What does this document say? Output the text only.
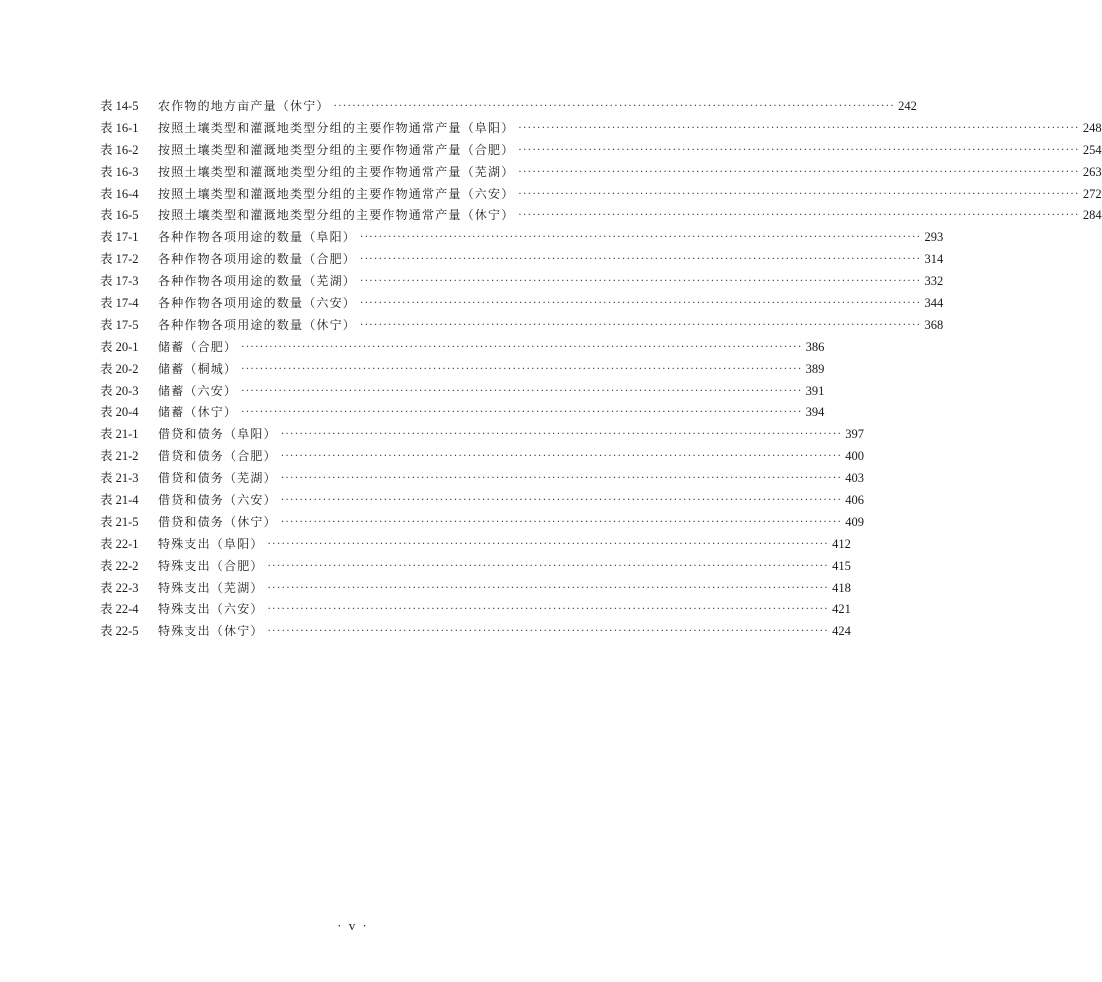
表 14-5	农作物的地方亩产量（休宁） ························································································································ 242
表 16-1	按照土壤类型和灌溉地类型分组的主要作物通常产量（阜阳） ························································································································ 248
表 16-2	按照土壤类型和灌溉地类型分组的主要作物通常产量（合肥） ························································································································ 254
表 16-3	按照土壤类型和灌溉地类型分组的主要作物通常产量（芜湖） ························································································································ 263
表 16-4	按照土壤类型和灌溉地类型分组的主要作物通常产量（六安） ························································································································ 272
表 16-5	按照土壤类型和灌溉地类型分组的主要作物通常产量（休宁） ························································································································ 284
表 17-1	各种作物各项用途的数量（阜阳） ························································································································ 293
表 17-2	各种作物各项用途的数量（合肥） ························································································································ 314
表 17-3	各种作物各项用途的数量（芜湖） ························································································································ 332
表 17-4	各种作物各项用途的数量（六安） ························································································································ 344
表 17-5	各种作物各项用途的数量（休宁） ························································································································ 368
表 20-1	储蓄（合肥） ························································································································ 386
表 20-2	储蓄（桐城） ························································································································ 389
表 20-3	储蓄（六安） ························································································································ 391
表 20-4	储蓄（休宁） ························································································································ 394
表 21-1	借贷和债务（阜阳） ························································································································ 397
表 21-2	借贷和债务（合肥） ························································································································ 400
表 21-3	借贷和债务（芜湖） ························································································································ 403
表 21-4	借贷和债务（六安） ························································································································ 406
表 21-5	借贷和债务（休宁） ························································································································ 409
表 22-1	特殊支出（阜阳） ························································································································ 412
表 22-2	特殊支出（合肥） ························································································································ 415
表 22-3	特殊支出（芜湖） ························································································································ 418
表 22-4	特殊支出（六安） ························································································································ 421
表 22-5	特殊支出（休宁） ························································································································ 424
· v ·
